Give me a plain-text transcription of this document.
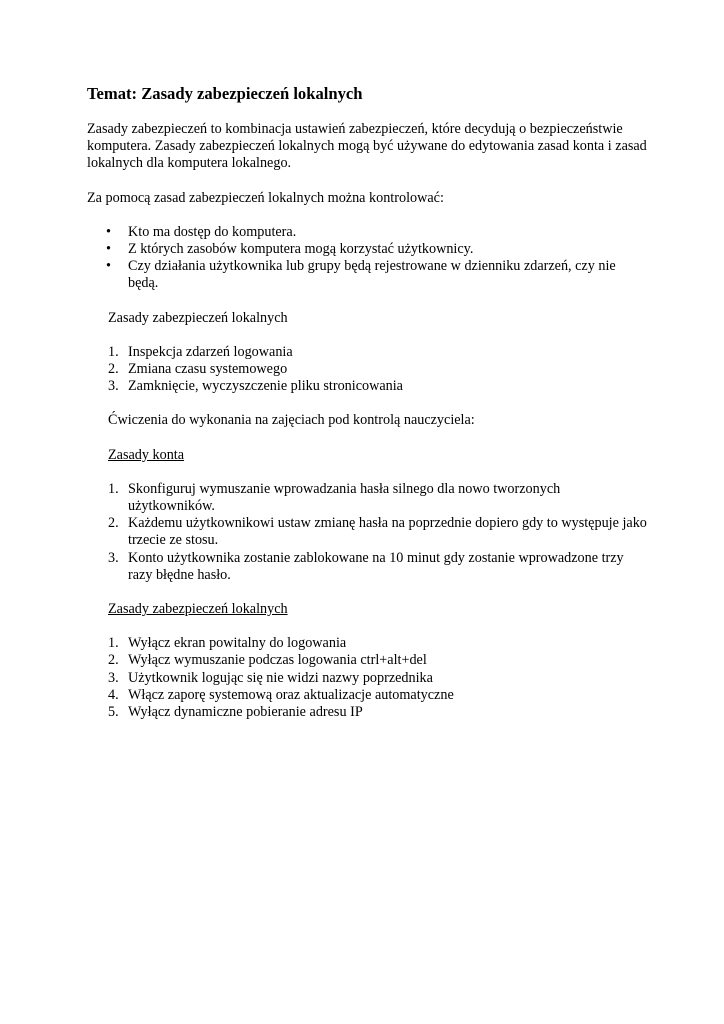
Temat: Zasady zabezpieczeń lokalnych

Zasady zabezpieczeń to kombinacja ustawień zabezpieczeń, które decydują o bezpieczeństwie komputera. Zasady zabezpieczeń lokalnych mogą być używane do edytowania zasad konta i zasad lokalnych dla komputera lokalnego.

Za pomocą zasad zabezpieczeń lokalnych można kontrolować:

• Kto ma dostęp do komputera.
• Z których zasobów komputera mogą korzystać użytkownicy.
• Czy działania użytkownika lub grupy będą rejestrowane w dzienniku zdarzeń, czy nie będą.

Zasady zabezpieczeń lokalnych

1. Inspekcja zdarzeń logowania
2. Zmiana czasu systemowego
3. Zamknięcie, wyczyszczenie pliku stronicowania

Ćwiczenia do wykonania na zajęciach pod kontrolą nauczyciela:

Zasady konta

1. Skonfiguruj wymuszanie wprowadzania hasła silnego dla nowo tworzonych użytkowników.
2. Każdemu użytkownikowi ustaw zmianę hasła na poprzednie dopiero gdy to występuje jako trzecie ze stosu.
3. Konto użytkownika zostanie zablokowane na 10 minut gdy zostanie wprowadzone trzy razy błędne hasło.

Zasady zabezpieczeń lokalnych

1. Wyłącz ekran powitalny do logowania
2. Wyłącz wymuszanie podczas logowania ctrl+alt+del
3. Użytkownik logując się nie widzi nazwy poprzednika
4. Włącz zaporę systemową oraz aktualizacje automatyczne
5. Wyłącz dynamiczne pobieranie adresu IP
